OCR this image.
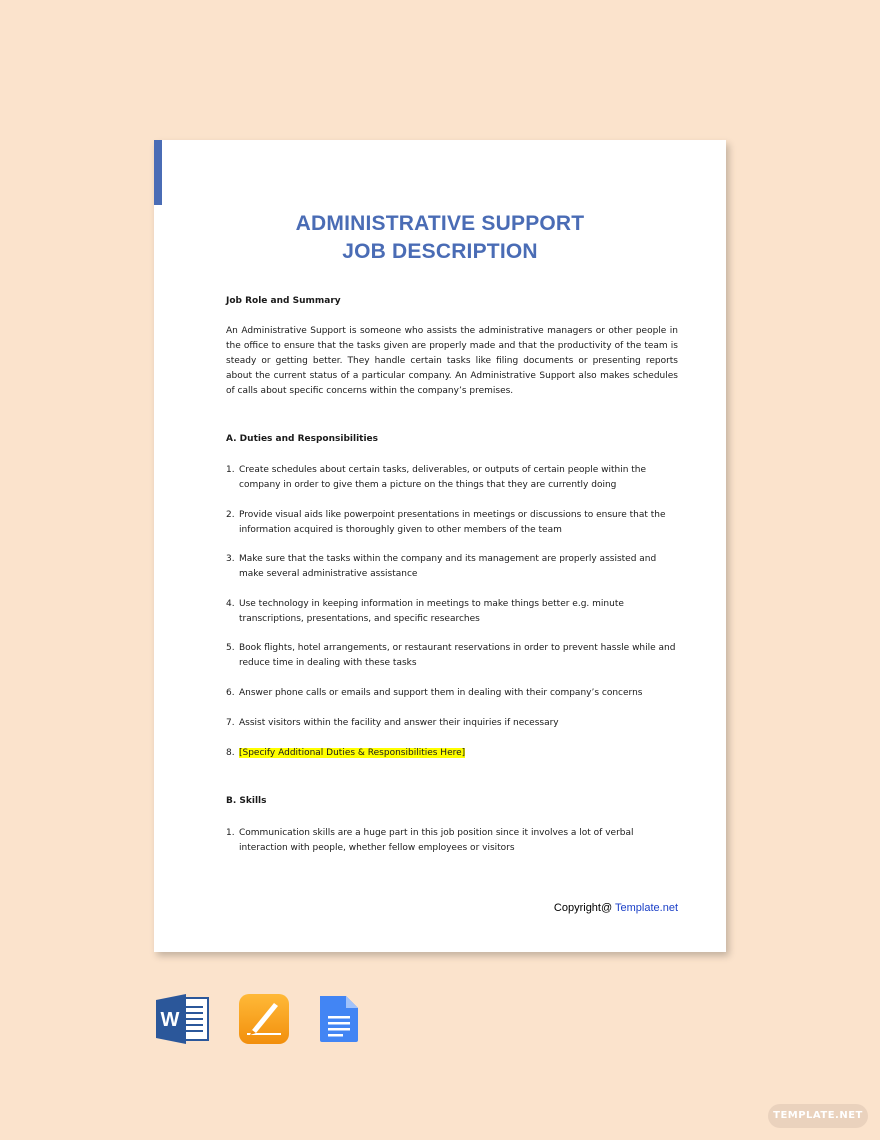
ADMINISTRATIVE SUPPORT
JOB DESCRIPTION

Job Role and Summary

An Administrative Support is someone who assists the administrative managers or other people in the office to ensure that the tasks given are properly made and that the productivity of the team is steady or getting better. They handle certain tasks like filing documents or presenting reports about the current status of a particular company. An Administrative Support also makes schedules of calls about specific concerns within the company’s premises.

A. Duties and Responsibilities

1. Create schedules about certain tasks, deliverables, or outputs of certain people within the company in order to give them a picture on the things that they are currently doing
2. Provide visual aids like powerpoint presentations in meetings or discussions to ensure that the information acquired is thoroughly given to other members of the team
3. Make sure that the tasks within the company and its management are properly assisted and make several administrative assistance
4. Use technology in keeping information in meetings to make things better e.g. minute transcriptions, presentations, and specific researches
5. Book flights, hotel arrangements, or restaurant reservations in order to prevent hassle while and reduce time in dealing with these tasks
6. Answer phone calls or emails and support them in dealing with their company’s concerns
7. Assist visitors within the facility and answer their inquiries if necessary
8. [Specify Additional Duties & Responsibilities Here]

B. Skills

1. Communication skills are a huge part in this job position since it involves a lot of verbal interaction with people, whether fellow employees or visitors
Copyright@ Template.net
W
TEMPLATE.NET
